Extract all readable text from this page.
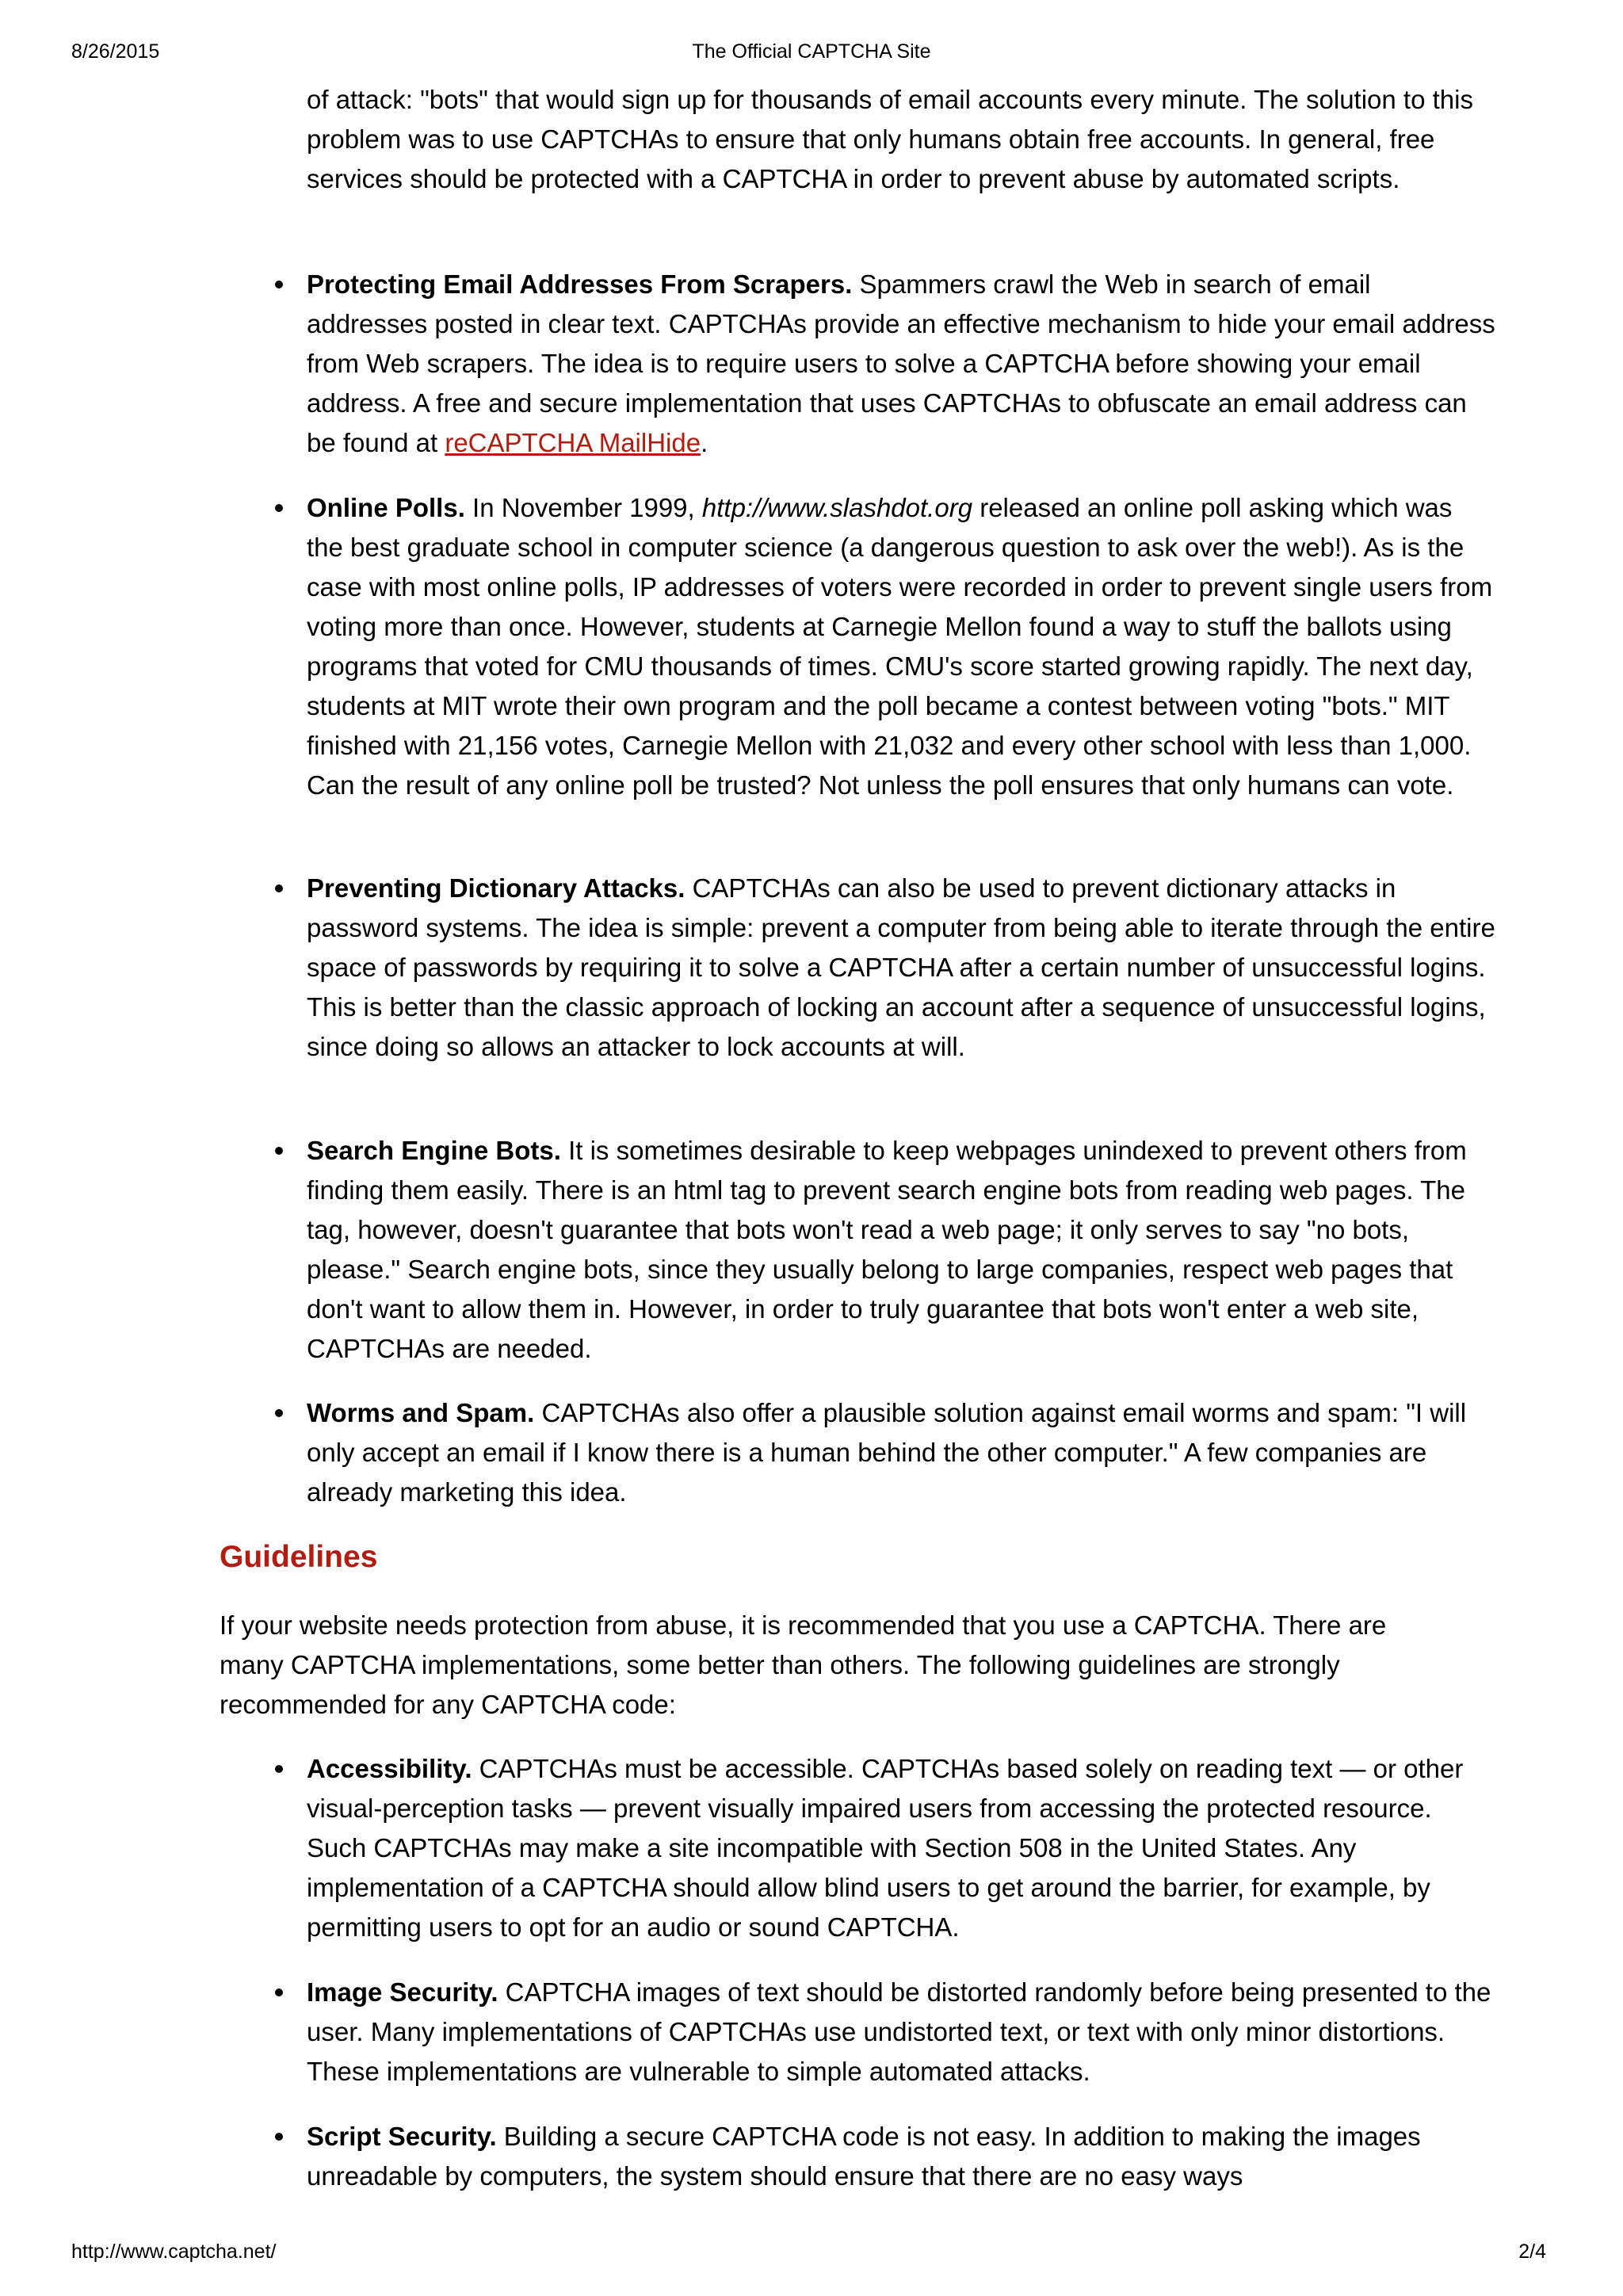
8/26/2015	The Official CAPTCHA Site

of attack: "bots" that would sign up for thousands of email accounts every minute. The solution to this problem was to use CAPTCHAs to ensure that only humans obtain free accounts. In general, free services should be protected with a CAPTCHA in order to prevent abuse by automated scripts.

Protecting Email Addresses From Scrapers. Spammers crawl the Web in search of email addresses posted in clear text. CAPTCHAs provide an effective mechanism to hide your email address from Web scrapers. The idea is to require users to solve a CAPTCHA before showing your email address. A free and secure implementation that uses CAPTCHAs to obfuscate an email address can be found at reCAPTCHA MailHide.
Online Polls. In November 1999, http://www.slashdot.org released an online poll asking which was the best graduate school in computer science (a dangerous question to ask over the web!). As is the case with most online polls, IP addresses of voters were recorded in order to prevent single users from voting more than once. However, students at Carnegie Mellon found a way to stuff the ballots using programs that voted for CMU thousands of times. CMU's score started growing rapidly. The next day, students at MIT wrote their own program and the poll became a contest between voting "bots." MIT finished with 21,156 votes, Carnegie Mellon with 21,032 and every other school with less than 1,000. Can the result of any online poll be trusted? Not unless the poll ensures that only humans can vote.
Preventing Dictionary Attacks. CAPTCHAs can also be used to prevent dictionary attacks in password systems. The idea is simple: prevent a computer from being able to iterate through the entire space of passwords by requiring it to solve a CAPTCHA after a certain number of unsuccessful logins. This is better than the classic approach of locking an account after a sequence of unsuccessful logins, since doing so allows an attacker to lock accounts at will.
Search Engine Bots. It is sometimes desirable to keep webpages unindexed to prevent others from finding them easily. There is an html tag to prevent search engine bots from reading web pages. The tag, however, doesn't guarantee that bots won't read a web page; it only serves to say "no bots, please." Search engine bots, since they usually belong to large companies, respect web pages that don't want to allow them in. However, in order to truly guarantee that bots won't enter a web site, CAPTCHAs are needed.
Worms and Spam. CAPTCHAs also offer a plausible solution against email worms and spam: "I will only accept an email if I know there is a human behind the other computer." A few companies are already marketing this idea.
Guidelines

If your website needs protection from abuse, it is recommended that you use a CAPTCHA. There are many CAPTCHA implementations, some better than others. The following guidelines are strongly recommended for any CAPTCHA code:

Accessibility. CAPTCHAs must be accessible. CAPTCHAs based solely on reading text — or other visual-perception tasks — prevent visually impaired users from accessing the protected resource. Such CAPTCHAs may make a site incompatible with Section 508 in the United States. Any implementation of a CAPTCHA should allow blind users to get around the barrier, for example, by permitting users to opt for an audio or sound CAPTCHA.
Image Security. CAPTCHA images of text should be distorted randomly before being presented to the user. Many implementations of CAPTCHAs use undistorted text, or text with only minor distortions. These implementations are vulnerable to simple automated attacks.
Script Security. Building a secure CAPTCHA code is not easy. In addition to making the images unreadable by computers, the system should ensure that there are no easy ways
http://www.captcha.net/	2/4
